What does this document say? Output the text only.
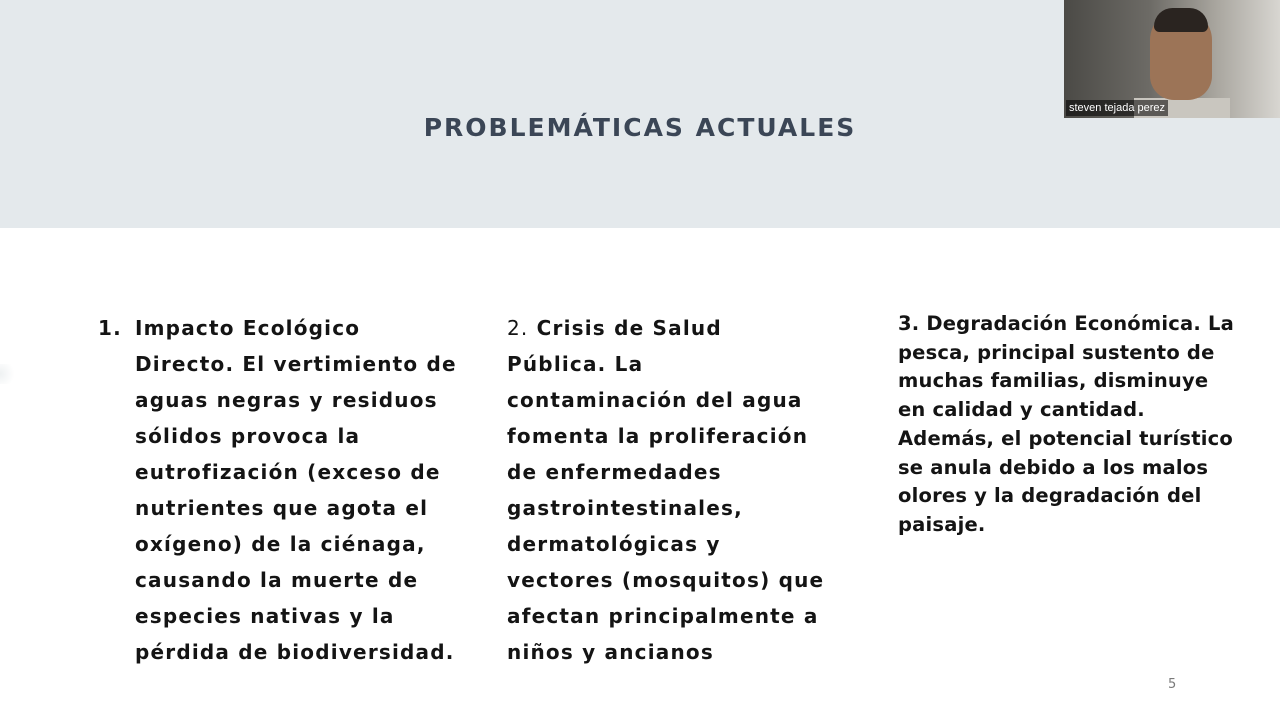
PROBLEMÁTICAS ACTUALES
1. Impacto Ecológico Directo. El vertimiento de aguas negras y residuos sólidos provoca la eutrofización (exceso de nutrientes que agota el oxígeno) de la ciénaga, causando la muerte de especies nativas y la pérdida de biodiversidad.
2. Crisis de Salud Pública. La contaminación del agua fomenta la proliferación de enfermedades gastrointestinales, dermatológicas y vectores (mosquitos) que afectan principalmente a niños y ancianos
3. Degradación Económica. La pesca, principal sustento de muchas familias, disminuye en calidad y cantidad. Además, el potencial turístico se anula debido a los malos olores y la degradación del paisaje.
5
steven tejada perez
